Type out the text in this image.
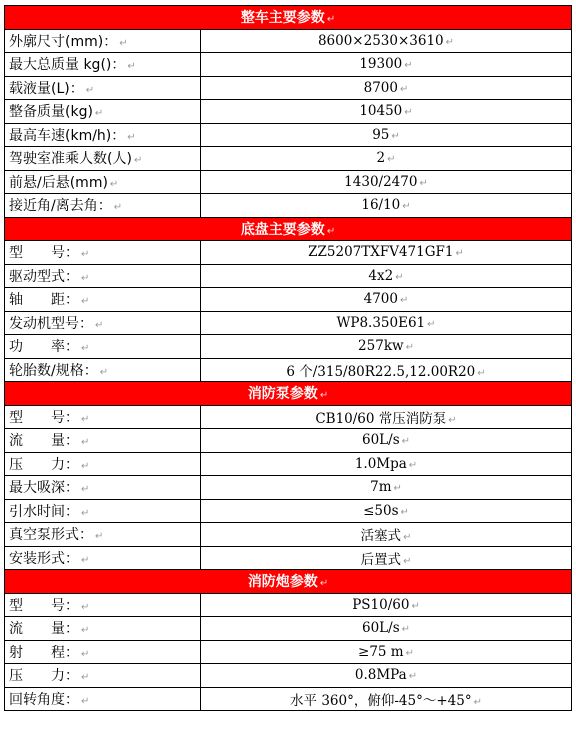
整车主要参数 ↵	
外廓尺寸(mm)： ↵	8600×2530×3610 ↵
最大总质量 kg()： ↵	19300 ↵
载液量(L)： ↵	8700 ↵
整备质量(kg) ↵	10450 ↵
最高车速(km/h)： ↵	95 ↵
驾驶室准乘人数(人) ↵	2 ↵
前悬/后悬(mm) ↵	1430/2470 ↵
接近角/离去角： ↵	16/10 ↵
底盘主要参数 ↵	
型　　号： ↵	ZZ5207TXFV471GF1 ↵
驱动型式： ↵	4x2 ↵
轴　　距： ↵	4700 ↵
发动机型号： ↵	WP8.350E61 ↵
功　　率： ↵	257kw ↵
轮胎数/规格： ↵	6 个/315/80R22.5,12.00R20 ↵
消防泵参数 ↵	
型　　号： ↵	CB10/60 常压消防泵 ↵
流　　量： ↵	60L/s ↵
压　　力： ↵	1.0Mpa ↵
最大吸深： ↵	7m ↵
引水时间： ↵	≤50s ↵
真空泵形式： ↵	活塞式 ↵
安装形式： ↵	后置式 ↵
消防炮参数 ↵	
型　　号： ↵	PS10/60 ↵
流　　量： ↵	60L/s ↵
射　　程： ↵	≥75 m ↵
压　　力： ↵	0.8MPa ↵
回转角度： ↵	水平 360°，俯仰-45°～+45° ↵
